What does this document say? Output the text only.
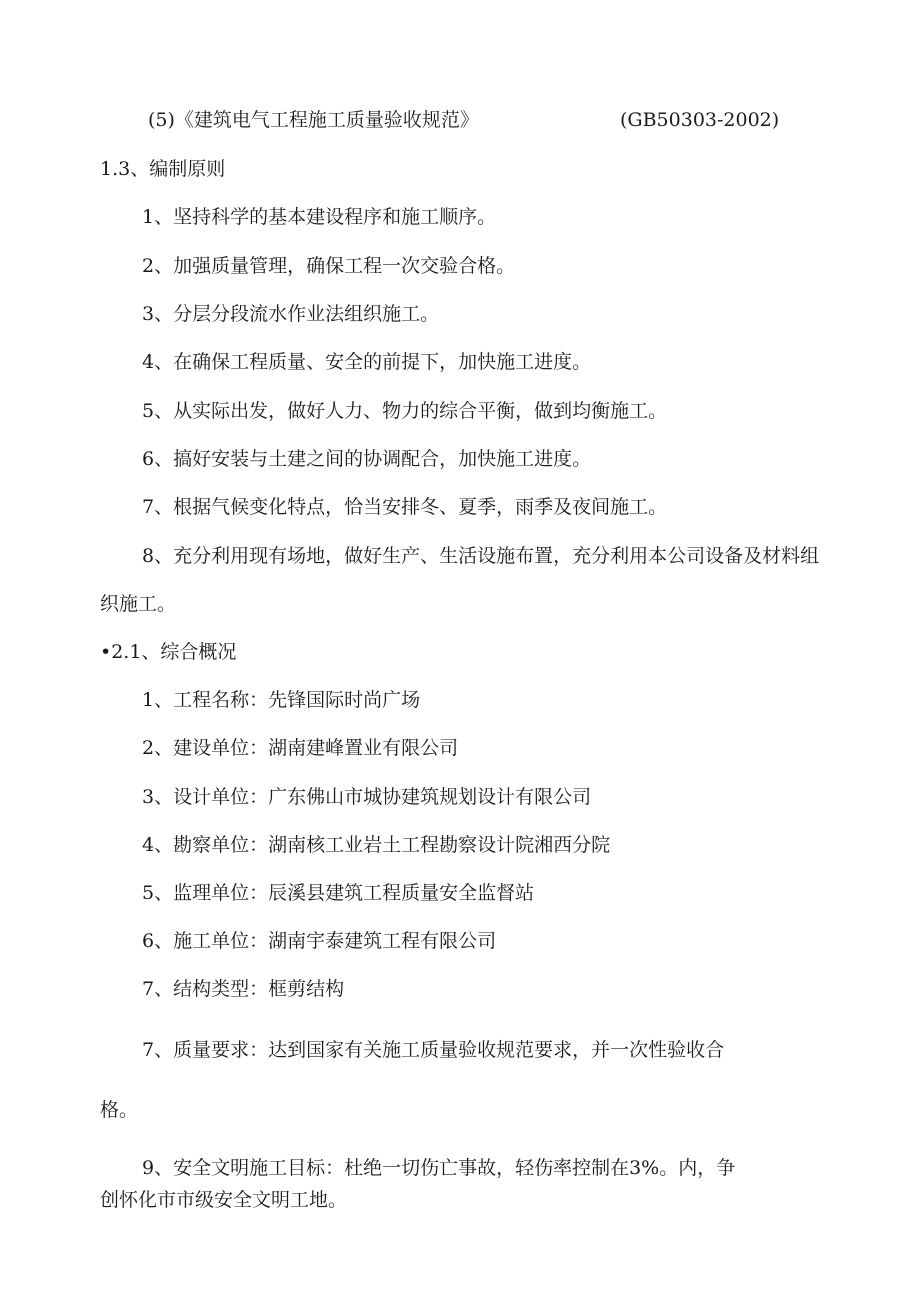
(5)《建筑电气工程施工质量验收规范》	(GB50303-2002)
1.3、编制原则
1、坚持科学的基本建设程序和施工顺序。
2、加强质量管理，确保工程一次交验合格。
3、分层分段流水作业法组织施工。
4、在确保工程质量、安全的前提下，加快施工进度。
5、从实际出发，做好人力、物力的综合平衡，做到均衡施工。
6、搞好安装与土建之间的协调配合，加快施工进度。
7、根据气候变化特点，恰当安排冬、夏季，雨季及夜间施工。
8、充分利用现有场地，做好生产、生活设施布置，充分利用本公司设备及材料组
织施工。
•2.1、综合概况
1、工程名称：先锋国际时尚广场
2、建设单位：湖南建峰置业有限公司
3、设计单位：广东佛山市城协建筑规划设计有限公司
4、勘察单位：湖南核工业岩土工程勘察设计院湘西分院
5、监理单位：辰溪县建筑工程质量安全监督站
6、施工单位：湖南宇泰建筑工程有限公司
7、结构类型：框剪结构
7、质量要求：达到国家有关施工质量验收规范要求，并一次性验收合
格。
9、安全文明施工目标：杜绝一切伤亡事故，轻伤率控制在3%。内，争
创怀化市市级安全文明工地。
